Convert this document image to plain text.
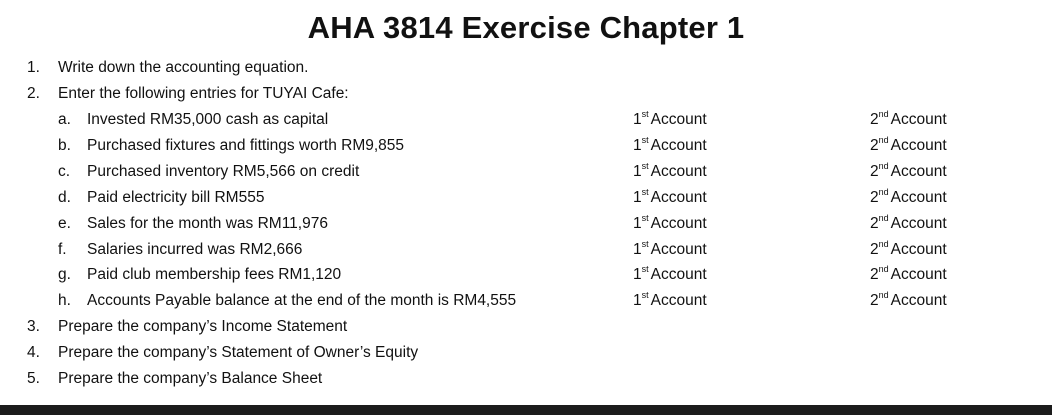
AHA 3814 Exercise Chapter 1
1. Write down the accounting equation.
2. Enter the following entries for TUYAI Cafe:
a. Invested RM35,000 cash as capital	1st Account	2nd Account
b. Purchased fixtures and fittings worth RM9,855	1st Account	2nd Account
c. Purchased inventory RM5,566 on credit	1st Account	2nd Account
d. Paid electricity bill RM555	1st Account	2nd Account
e. Sales for the month was RM11,976	1st Account	2nd Account
f. Salaries incurred was RM2,666	1st Account	2nd Account
g. Paid club membership fees RM1,120	1st Account	2nd Account
h. Accounts Payable balance at the end of the month is RM4,555	1st Account	2nd Account
3. Prepare the company’s Income Statement
4. Prepare the company’s Statement of Owner’s Equity
5. Prepare the company’s Balance Sheet
